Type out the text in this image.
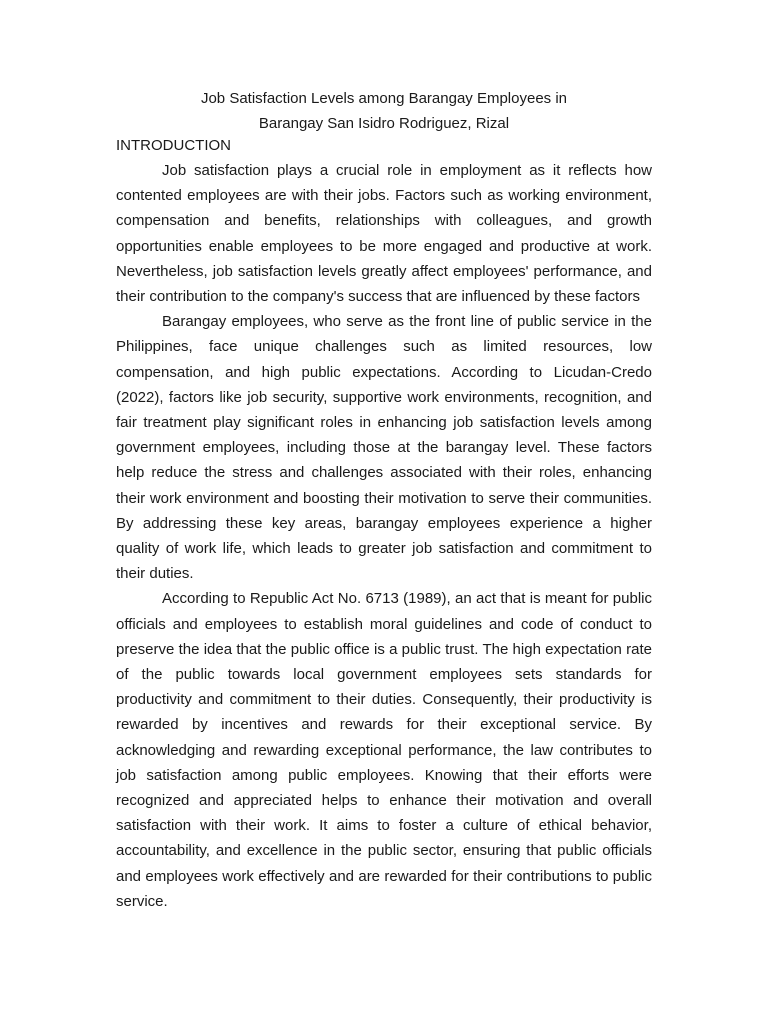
Job Satisfaction Levels among Barangay Employees in
Barangay San Isidro Rodriguez, Rizal
INTRODUCTION

Job satisfaction plays a crucial role in employment as it reflects how contented employees are with their jobs. Factors such as working environment, compensation and benefits, relationships with colleagues, and growth opportunities enable employees to be more engaged and productive at work. Nevertheless, job satisfaction levels greatly affect employees' performance, and their contribution to the company's success that are influenced by these factors

Barangay employees, who serve as the front line of public service in the Philippines, face unique challenges such as limited resources, low compensation, and high public expectations. According to Licudan-Credo (2022), factors like job security, supportive work environments, recognition, and fair treatment play significant roles in enhancing job satisfaction levels among government employees, including those at the barangay level. These factors help reduce the stress and challenges associated with their roles, enhancing their work environment and boosting their motivation to serve their communities. By addressing these key areas, barangay employees experience a higher quality of work life, which leads to greater job satisfaction and commitment to their duties.

According to Republic Act No. 6713 (1989), an act that is meant for public officials and employees to establish moral guidelines and code of conduct to preserve the idea that the public office is a public trust. The high expectation rate of the public towards local government employees sets standards for productivity and commitment to their duties. Consequently, their productivity is rewarded by incentives and rewards for their exceptional service. By acknowledging and rewarding exceptional performance, the law contributes to job satisfaction among public employees. Knowing that their efforts were recognized and appreciated helps to enhance their motivation and overall satisfaction with their work. It aims to foster a culture of ethical behavior, accountability, and excellence in the public sector, ensuring that public officials and employees work effectively and are rewarded for their contributions to public service.
